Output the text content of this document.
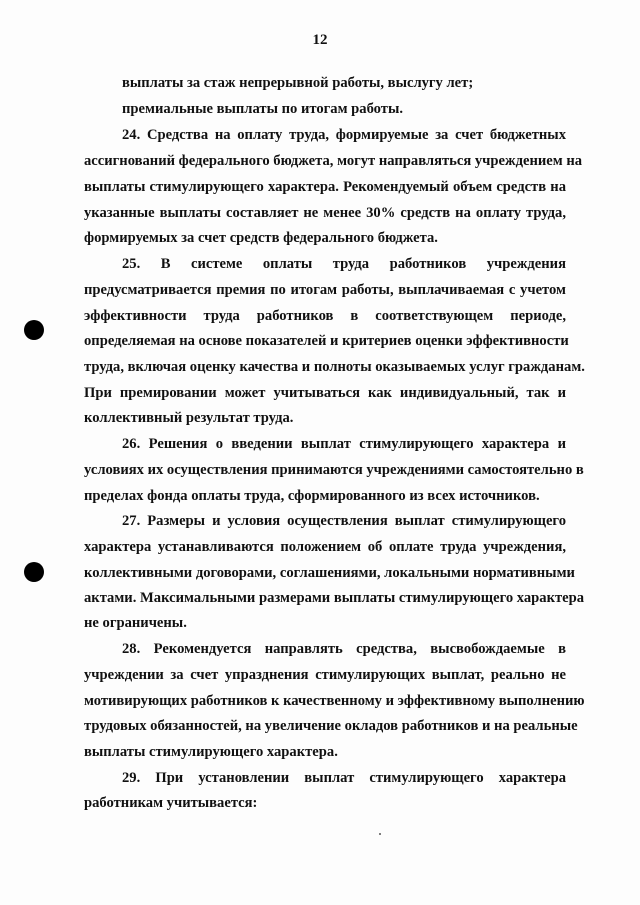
12
выплаты за стаж непрерывной работы, выслугу лет;
премиальные выплаты по итогам работы.
24. Средства на оплату труда, формируемые за счет бюджетных
ассигнований федерального бюджета, могут направляться учреждением на
выплаты стимулирующего характера. Рекомендуемый объем средств на
указанные выплаты составляет не менее 30% средств на оплату труда,
формируемых за счет средств федерального бюджета.
25. В системе оплаты труда работников учреждения
предусматривается премия по итогам работы, выплачиваемая с учетом
эффективности труда работников в соответствующем периоде,
определяемая на основе показателей и критериев оценки эффективности
труда, включая оценку качества и полноты оказываемых услуг гражданам.
При премировании может учитываться как индивидуальный, так и
коллективный результат труда.
26. Решения о введении выплат стимулирующего характера и
условиях их осуществления принимаются учреждениями самостоятельно в
пределах фонда оплаты труда, сформированного из всех источников.
27. Размеры и условия осуществления выплат стимулирующего
характера устанавливаются положением об оплате труда учреждения,
коллективными договорами, соглашениями, локальными нормативными
актами. Максимальными размерами выплаты стимулирующего характера
не ограничены.
28. Рекомендуется направлять средства, высвобождаемые в
учреждении за счет упразднения стимулирующих выплат, реально не
мотивирующих работников к качественному и эффективному выполнению
трудовых обязанностей, на увеличение окладов работников и на реальные
выплаты стимулирующего характера.
29. При установлении выплат стимулирующего характера
работникам учитывается:
